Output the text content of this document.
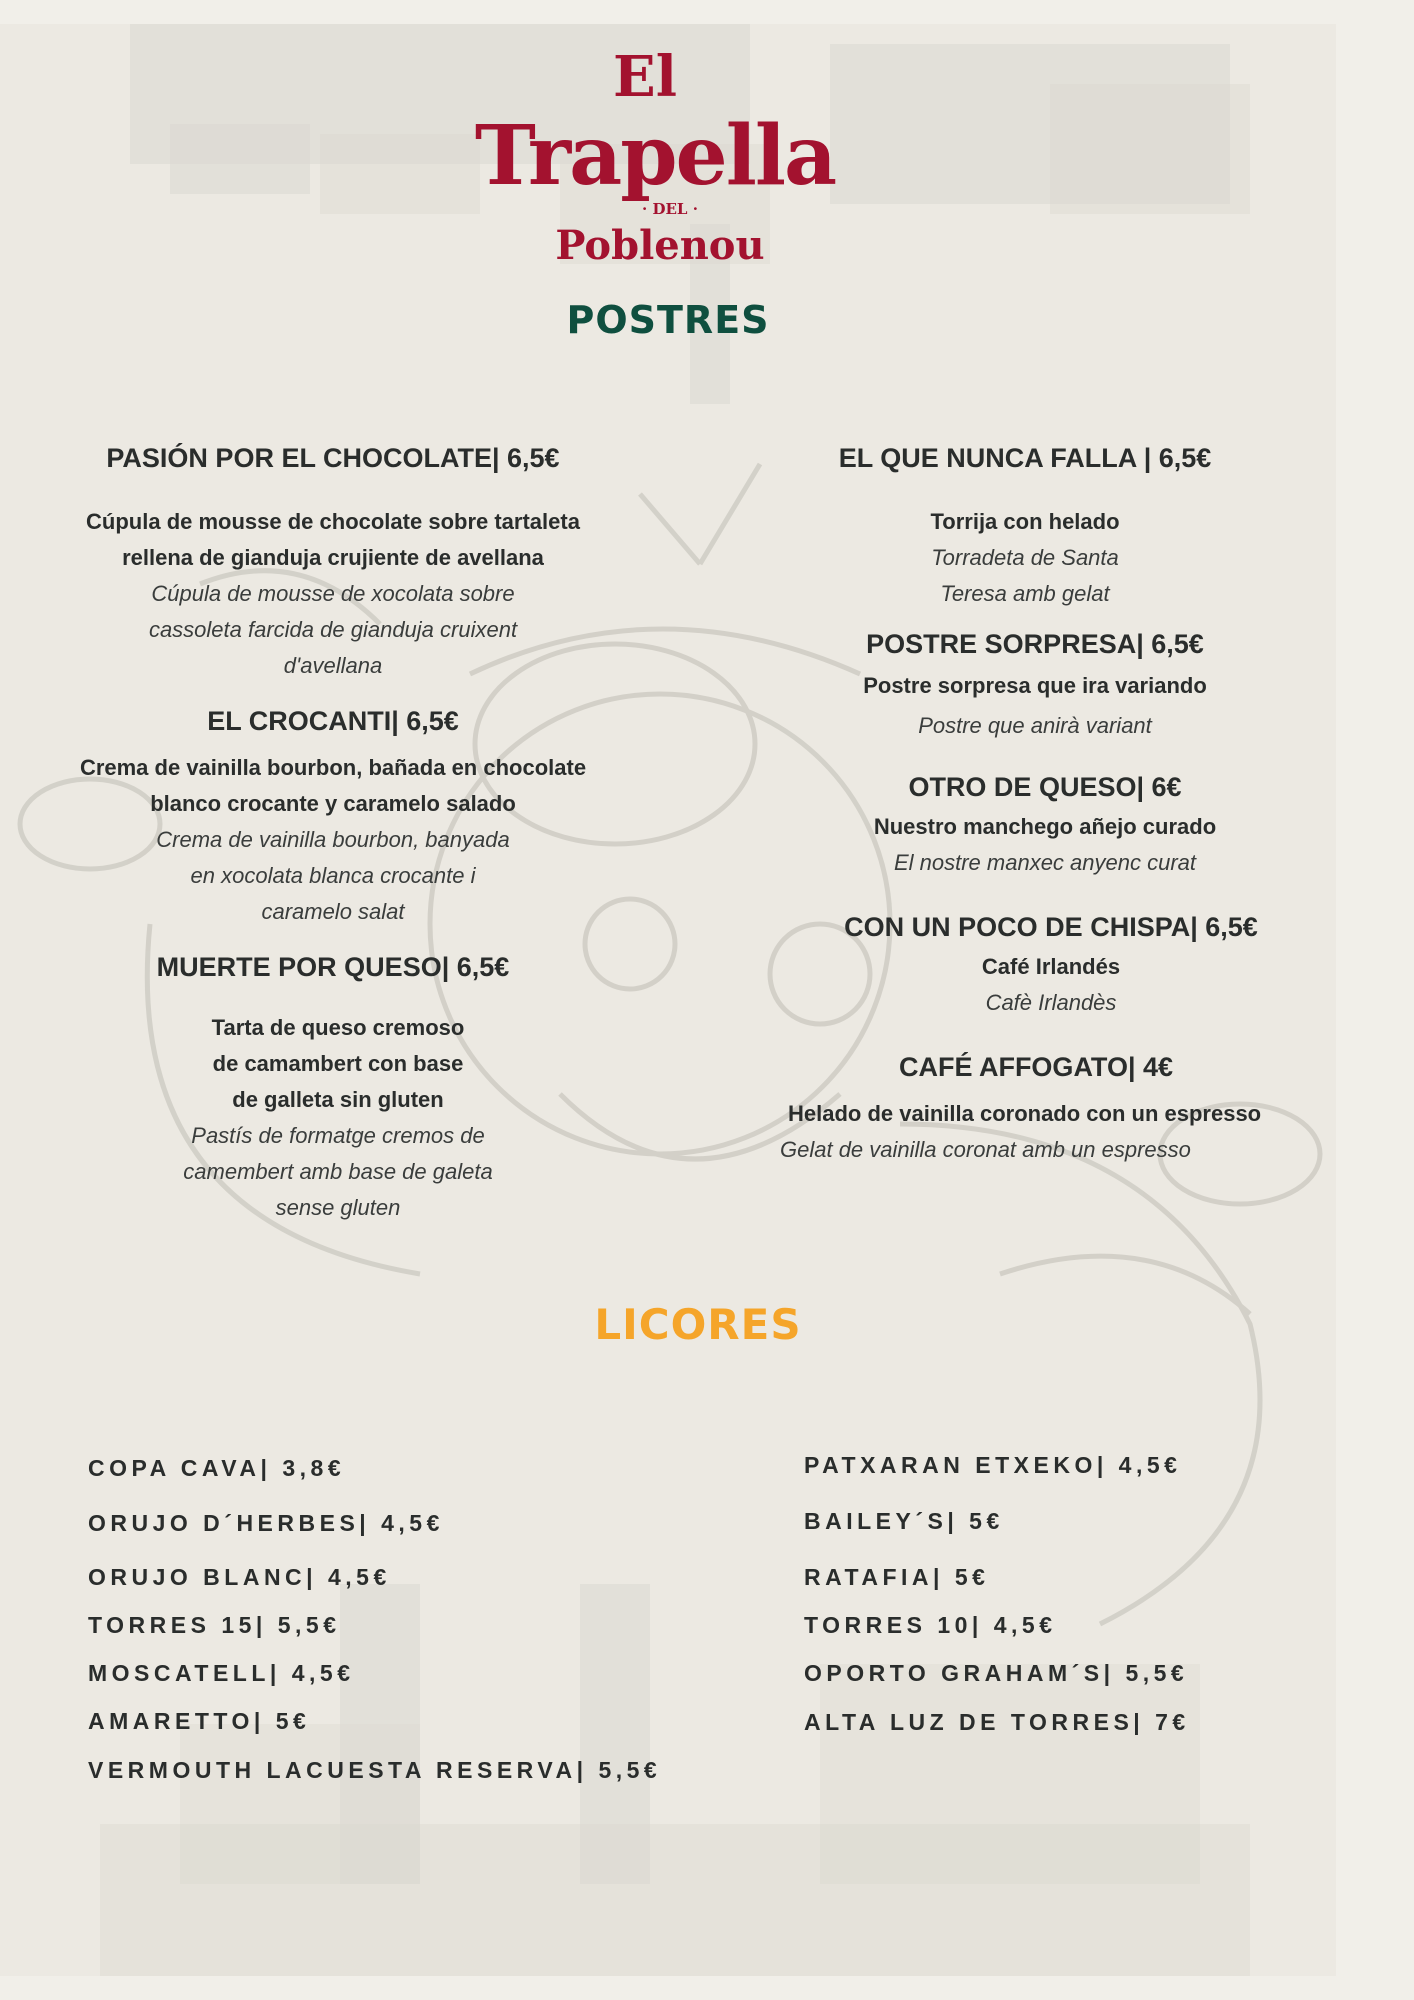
El
Trapella
· DEL ·
Poblenou
POSTRES

PASIÓN POR EL CHOCOLATE| 6,5€

Cúpula de mousse de chocolate sobre tartaleta rellena de gianduja crujiente de avellana

Cúpula de mousse de xocolata sobre cassoleta farcida de gianduja cruixent d'avellana

EL CROCANTI| 6,5€

Crema de vainilla bourbon, bañada en chocolate blanco crocante y caramelo salado

Crema de vainilla bourbon, banyada en xocolata blanca crocante i caramelo salat

MUERTE POR QUESO| 6,5€

Tarta de queso cremoso de camambert con base de galleta sin gluten

Pastís de formatge cremos de camembert amb base de galeta sense gluten

EL QUE NUNCA FALLA | 6,5€

Torrija con helado

Torradeta de Santa Teresa amb gelat

POSTRE SORPRESA| 6,5€

Postre sorpresa que ira variando

Postre que anirà variant

OTRO DE QUESO| 6€

Nuestro manchego añejo curado

El nostre manxec anyenc curat

CON UN POCO DE CHISPA| 6,5€

Café Irlandés

Cafè Irlandès

CAFÉ AFFOGATO| 4€

Helado de vainilla coronado con un espresso

Gelat de vainilla coronat amb un espresso

LICORES
COPA CAVA| 3,8€
ORUJO D´HERBES| 4,5€
ORUJO BLANC| 4,5€
TORRES 15| 5,5€
MOSCATELL| 4,5€
AMARETTO| 5€
VERMOUTH LACUESTA RESERVA| 5,5€
PATXARAN ETXEKO| 4,5€
BAILEY´S| 5€
RATAFIA| 5€
TORRES 10| 4,5€
OPORTO GRAHAM´S| 5,5€
ALTA LUZ DE TORRES| 7€
